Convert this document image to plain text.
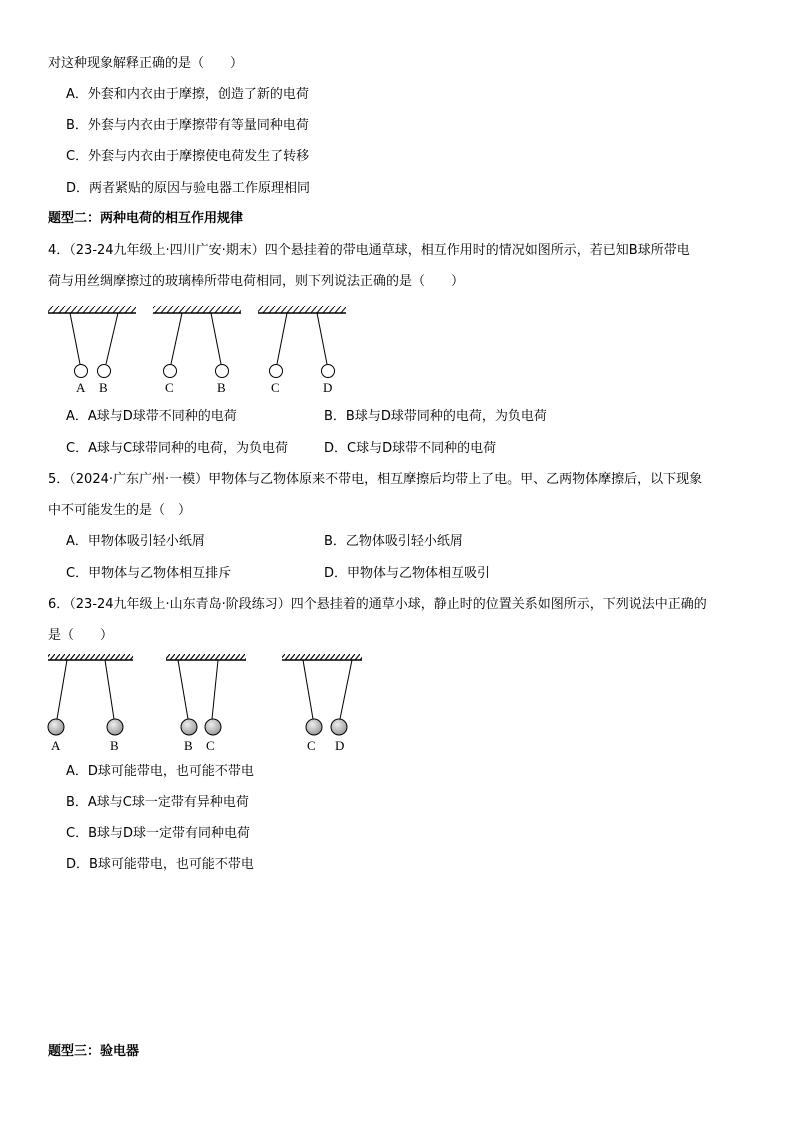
对这种现象解释正确的是（　　）
A．外套和内衣由于摩擦，创造了新的电荷
B．外套与内衣由于摩擦带有等量同种电荷
C．外套与内衣由于摩擦使电荷发生了转移
D．两者紧贴的原因与验电器工作原理相同
题型二：两种电荷的相互作用规律
4．（23-24九年级上·四川广安·期末）四个悬挂着的带电通草球，相互作用时的情况如图所示，若已知B球所带电
荷与用丝绸摩擦过的玻璃棒所带电荷相同，则下列说法正确的是（　　）
A B	C	B	C	D
A．A球与D球带不同种的电荷	B．B球与D球带同种的电荷，为负电荷
C．A球与C球带同种的电荷，为负电荷	D．C球与D球带不同种的电荷
5．（2024·广东广州·一模）甲物体与乙物体原来不带电，相互摩擦后均带上了电。甲、乙两物体摩擦后，以下现象
中不可能发生的是（　）
A．甲物体吸引轻小纸屑	B．乙物体吸引轻小纸屑
C．甲物体与乙物体相互排斥	D．甲物体与乙物体相互吸引
6．（23-24九年级上·山东青岛·阶段练习）四个悬挂着的通草小球，静止时的位置关系如图所示，下列说法中正确的
是（　　）
A	B	B C	C D
A．D球可能带电，也可能不带电
B．A球与C球一定带有异种电荷
C．B球与D球一定带有同种电荷
D．B球可能带电，也可能不带电
题型三：验电器
